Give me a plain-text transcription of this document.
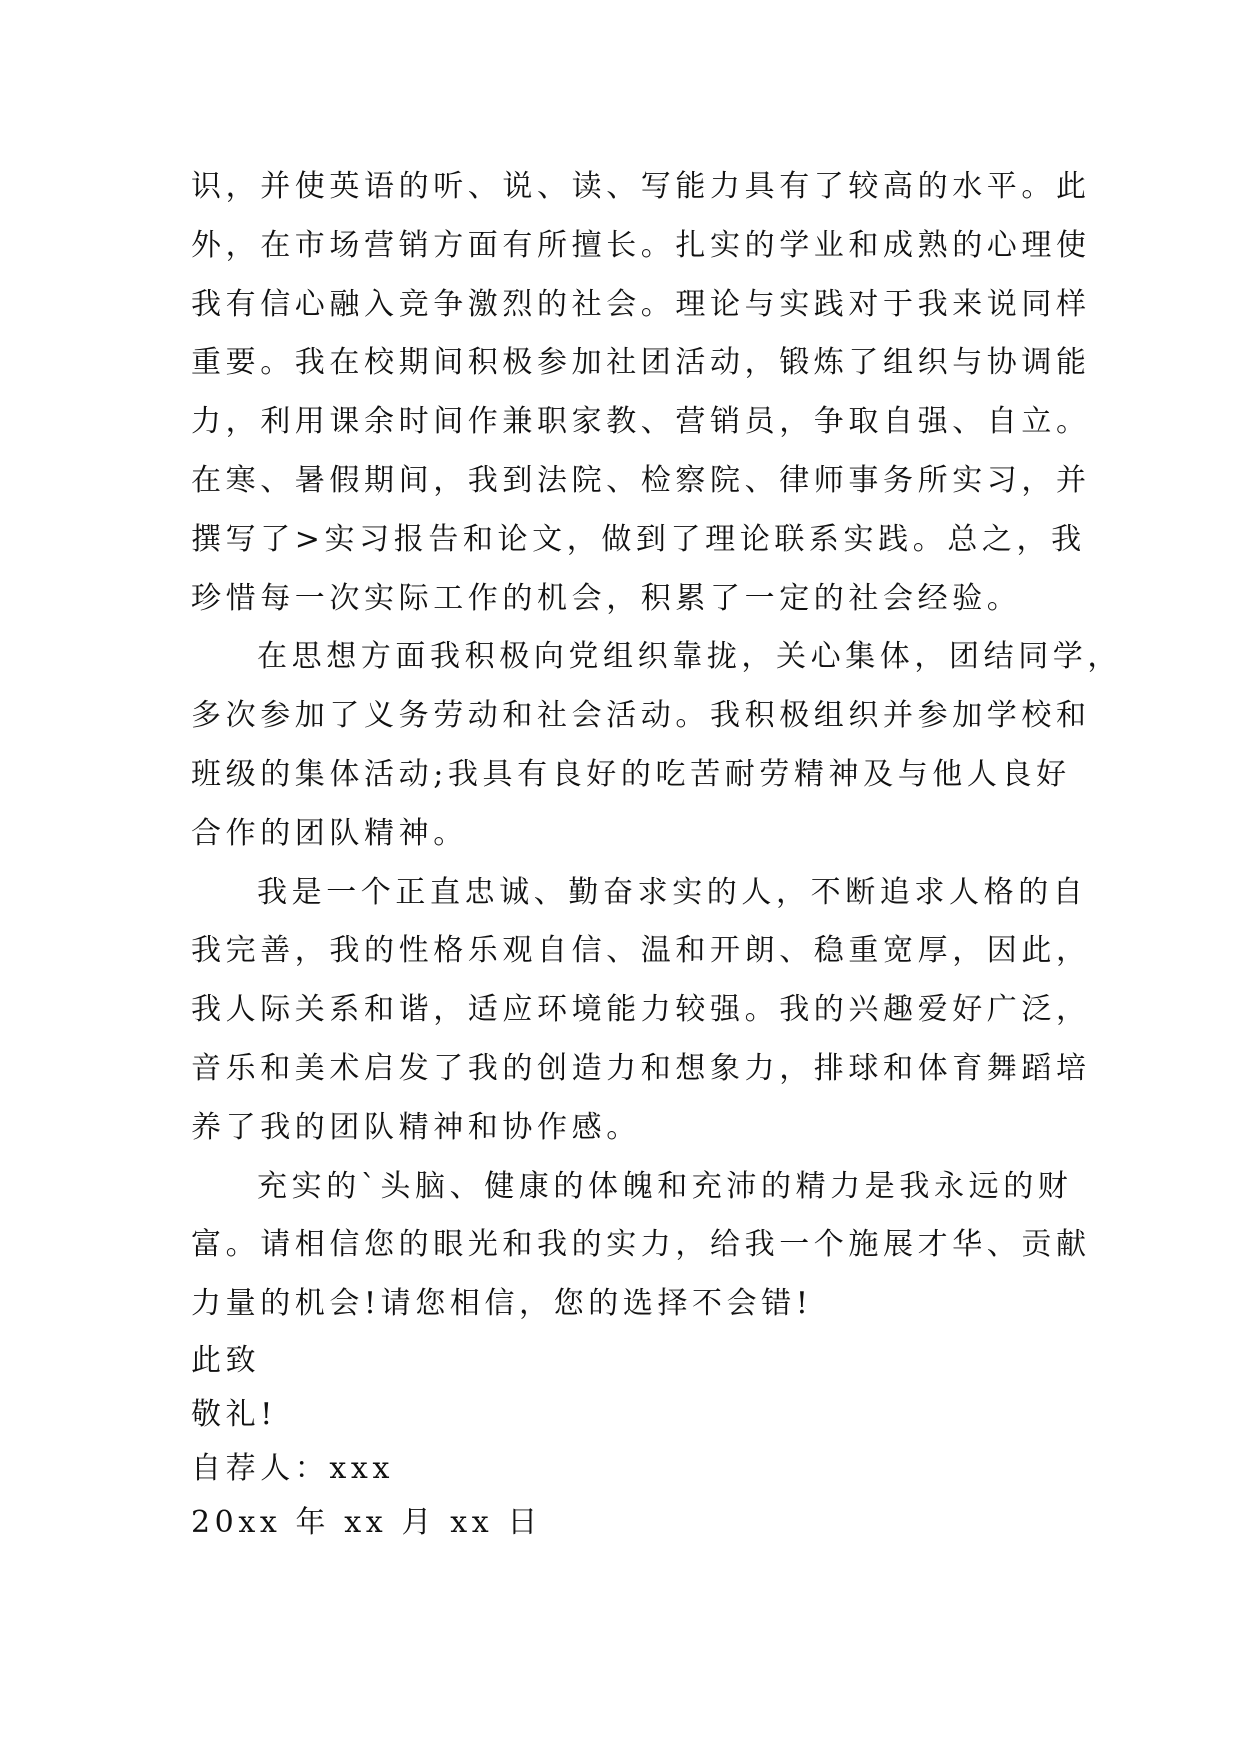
识，并使英语的听、说、读、写能力具有了较高的水平。此
外，在市场营销方面有所擅长。扎实的学业和成熟的心理使
我有信心融入竞争激烈的社会。理论与实践对于我来说同样
重要。我在校期间积极参加社团活动，锻炼了组织与协调能
力，利用课余时间作兼职家教、营销员，争取自强、自立。
在寒、暑假期间，我到法院、检察院、律师事务所实习，并
撰写了>实习报告和论文，做到了理论联系实践。总之，我
珍惜每一次实际工作的机会，积累了一定的社会经验。
在思想方面我积极向党组织靠拢，关心集体，团结同学，
多次参加了义务劳动和社会活动。我积极组织并参加学校和
班级的集体活动;我具有良好的吃苦耐劳精神及与他人良好
合作的团队精神。
我是一个正直忠诚、勤奋求实的人，不断追求人格的自
我完善，我的性格乐观自信、温和开朗、稳重宽厚，因此，
我人际关系和谐，适应环境能力较强。我的兴趣爱好广泛，
音乐和美术启发了我的创造力和想象力，排球和体育舞蹈培
养了我的团队精神和协作感。
充实的`头脑、健康的体魄和充沛的精力是我永远的财
富。请相信您的眼光和我的实力，给我一个施展才华、贡献
力量的机会!请您相信，您的选择不会错!
此致
敬礼!
自荐人：xxx
20xx 年 xx 月 xx 日
